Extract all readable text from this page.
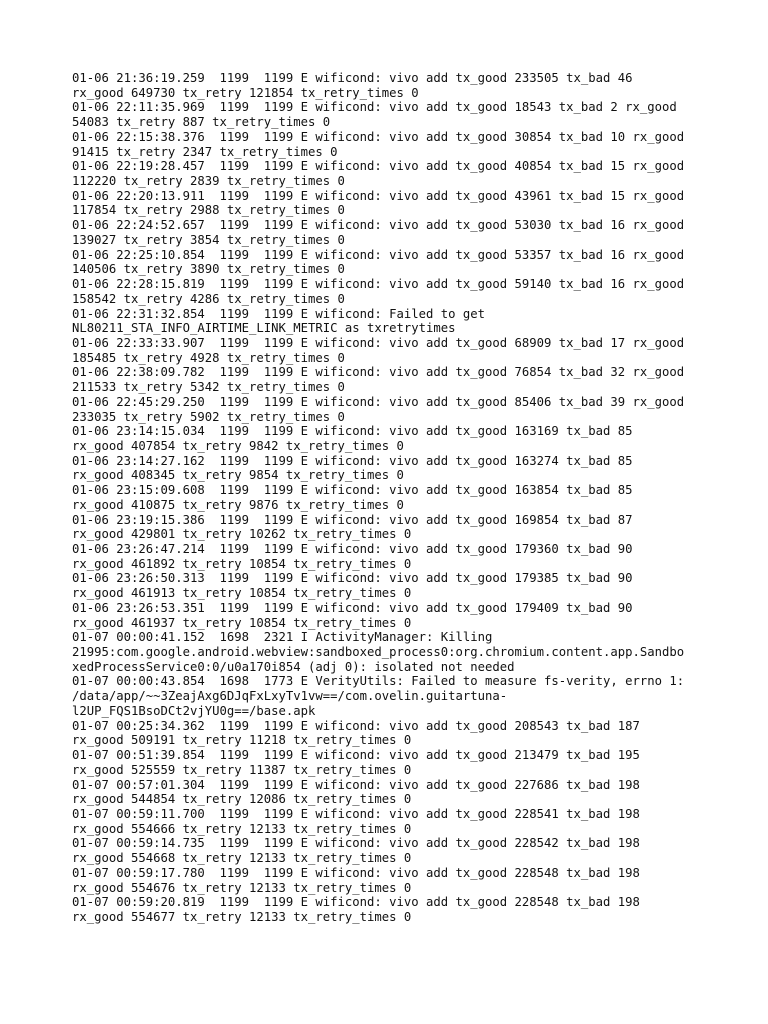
01-06 21:36:19.259  1199  1199 E wificond: vivo add tx_good 233505 tx_bad 46
rx_good 649730 tx_retry 121854 tx_retry_times 0
01-06 22:11:35.969  1199  1199 E wificond: vivo add tx_good 18543 tx_bad 2 rx_good
54083 tx_retry 887 tx_retry_times 0
01-06 22:15:38.376  1199  1199 E wificond: vivo add tx_good 30854 tx_bad 10 rx_good
91415 tx_retry 2347 tx_retry_times 0
01-06 22:19:28.457  1199  1199 E wificond: vivo add tx_good 40854 tx_bad 15 rx_good
112220 tx_retry 2839 tx_retry_times 0
01-06 22:20:13.911  1199  1199 E wificond: vivo add tx_good 43961 tx_bad 15 rx_good
117854 tx_retry 2988 tx_retry_times 0
01-06 22:24:52.657  1199  1199 E wificond: vivo add tx_good 53030 tx_bad 16 rx_good
139027 tx_retry 3854 tx_retry_times 0
01-06 22:25:10.854  1199  1199 E wificond: vivo add tx_good 53357 tx_bad 16 rx_good
140506 tx_retry 3890 tx_retry_times 0
01-06 22:28:15.819  1199  1199 E wificond: vivo add tx_good 59140 tx_bad 16 rx_good
158542 tx_retry 4286 tx_retry_times 0
01-06 22:31:32.854  1199  1199 E wificond: Failed to get
NL80211_STA_INFO_AIRTIME_LINK_METRIC as txretrytimes
01-06 22:33:33.907  1199  1199 E wificond: vivo add tx_good 68909 tx_bad 17 rx_good
185485 tx_retry 4928 tx_retry_times 0
01-06 22:38:09.782  1199  1199 E wificond: vivo add tx_good 76854 tx_bad 32 rx_good
211533 tx_retry 5342 tx_retry_times 0
01-06 22:45:29.250  1199  1199 E wificond: vivo add tx_good 85406 tx_bad 39 rx_good
233035 tx_retry 5902 tx_retry_times 0
01-06 23:14:15.034  1199  1199 E wificond: vivo add tx_good 163169 tx_bad 85
rx_good 407854 tx_retry 9842 tx_retry_times 0
01-06 23:14:27.162  1199  1199 E wificond: vivo add tx_good 163274 tx_bad 85
rx_good 408345 tx_retry 9854 tx_retry_times 0
01-06 23:15:09.608  1199  1199 E wificond: vivo add tx_good 163854 tx_bad 85
rx_good 410875 tx_retry 9876 tx_retry_times 0
01-06 23:19:15.386  1199  1199 E wificond: vivo add tx_good 169854 tx_bad 87
rx_good 429801 tx_retry 10262 tx_retry_times 0
01-06 23:26:47.214  1199  1199 E wificond: vivo add tx_good 179360 tx_bad 90
rx_good 461892 tx_retry 10854 tx_retry_times 0
01-06 23:26:50.313  1199  1199 E wificond: vivo add tx_good 179385 tx_bad 90
rx_good 461913 tx_retry 10854 tx_retry_times 0
01-06 23:26:53.351  1199  1199 E wificond: vivo add tx_good 179409 tx_bad 90
rx_good 461937 tx_retry 10854 tx_retry_times 0
01-07 00:00:41.152  1698  2321 I ActivityManager: Killing
21995:com.google.android.webview:sandboxed_process0:org.chromium.content.app.Sandbo
xedProcessService0:0/u0a170i854 (adj 0): isolated not needed
01-07 00:00:43.854  1698  1773 E VerityUtils: Failed to measure fs-verity, errno 1:
/data/app/~~3ZeajAxg6DJqFxLxyTv1vw==/com.ovelin.guitartuna-
l2UP_FQS1BsoDCt2vjYU0g==/base.apk
01-07 00:25:34.362  1199  1199 E wificond: vivo add tx_good 208543 tx_bad 187
rx_good 509191 tx_retry 11218 tx_retry_times 0
01-07 00:51:39.854  1199  1199 E wificond: vivo add tx_good 213479 tx_bad 195
rx_good 525559 tx_retry 11387 tx_retry_times 0
01-07 00:57:01.304  1199  1199 E wificond: vivo add tx_good 227686 tx_bad 198
rx_good 544854 tx_retry 12086 tx_retry_times 0
01-07 00:59:11.700  1199  1199 E wificond: vivo add tx_good 228541 tx_bad 198
rx_good 554666 tx_retry 12133 tx_retry_times 0
01-07 00:59:14.735  1199  1199 E wificond: vivo add tx_good 228542 tx_bad 198
rx_good 554668 tx_retry 12133 tx_retry_times 0
01-07 00:59:17.780  1199  1199 E wificond: vivo add tx_good 228548 tx_bad 198
rx_good 554676 tx_retry 12133 tx_retry_times 0
01-07 00:59:20.819  1199  1199 E wificond: vivo add tx_good 228548 tx_bad 198
rx_good 554677 tx_retry 12133 tx_retry_times 0
